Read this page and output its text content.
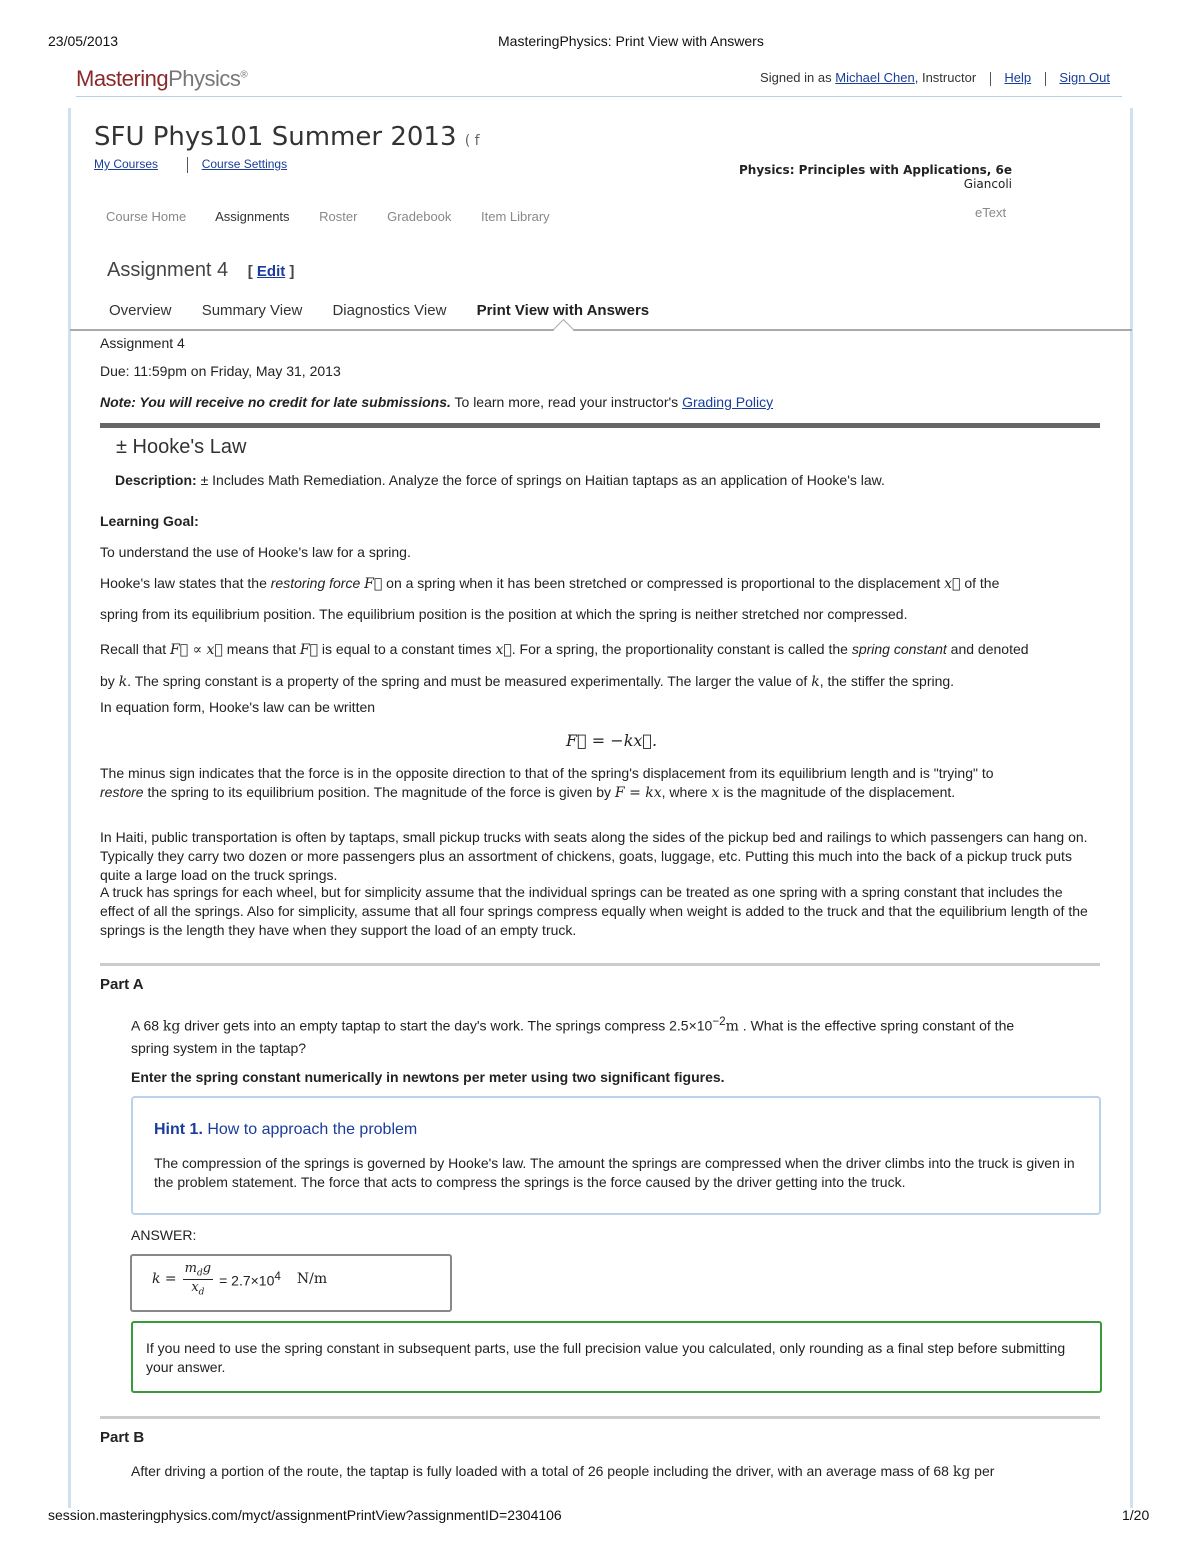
23/05/2013	MasteringPhysics: Print View with Answers
MasteringPhysics®	Signed in as Michael Chen, Instructor Help Sign Out
SFU Phys101 Summer 2013 ( f
My Courses	Course Settings	Physics: Principles with Applications, 6e
Giancoli
eText
Course Home Assignments Roster Gradebook Item Library
Assignment 4 [ Edit ]
Overview Summary View Diagnostics View Print View with Answers
Assignment 4
Due: 11:59pm on Friday, May 31, 2013
Note: You will receive no credit for late submissions. To learn more, read your instructor's Grading Policy
± Hooke's Law
Description: ± Includes Math Remediation. Analyze the force of springs on Haitian taptaps as an application of Hooke's law.
Learning Goal:
To understand the use of Hooke's law for a spring.
Hooke's law states that the restoring force F⃗ on a spring when it has been stretched or compressed is proportional to the displacement x⃗ of the
spring from its equilibrium position. The equilibrium position is the position at which the spring is neither stretched nor compressed.
Recall that F⃗ ∝ x⃗ means that F⃗ is equal to a constant times x⃗. For a spring, the proportionality constant is called the spring constant and denoted
by k. The spring constant is a property of the spring and must be measured experimentally. The larger the value of k, the stiffer the spring.
In equation form, Hooke's law can be written
F⃗ = −kx⃗.
The minus sign indicates that the force is in the opposite direction to that of the spring's displacement from its equilibrium length and is "trying" to
restore the spring to its equilibrium position. The magnitude of the force is given by F = kx, where x is the magnitude of the displacement.
In Haiti, public transportation is often by taptaps, small pickup trucks with seats along the sides of the pickup bed and railings to which passengers can hang on. Typically they carry two dozen or more passengers plus an assortment of chickens, goats, luggage, etc. Putting this much into the back of a pickup truck puts quite a large load on the truck springs.
A truck has springs for each wheel, but for simplicity assume that the individual springs can be treated as one spring with a spring constant that includes the effect of all the springs. Also for simplicity, assume that all four springs compress equally when weight is added to the truck and that the equilibrium length of the springs is the length they have when they support the load of an empty truck.
Part A
A 68 kg driver gets into an empty taptap to start the day's work. The springs compress $2.5\times 10^{-2}m$ . What is the effective spring constant of the
spring system in the taptap?
Enter the spring constant numerically in newtons per meter using two significant figures.
Hint 1. How to approach the problem
The compression of the springs is governed by Hooke's law. The amount the springs are compressed when the driver climbs into the truck is given in the problem statement. The force that acts to compress the springs is the force caused by the driver getting into the truck.
ANSWER:
k =
$m_dg$
$x_d$
= $2.7\times 10^4$ N/m
If you need to use the spring constant in subsequent parts, use the full precision value you calculated, only rounding as a final step before submitting your answer.
Part B
After driving a portion of the route, the taptap is fully loaded with a total of 26 people including the driver, with an average mass of 68 kg per
session.masteringphysics.com/myct/assignmentPrintView?assignmentID=2304106	1/20
